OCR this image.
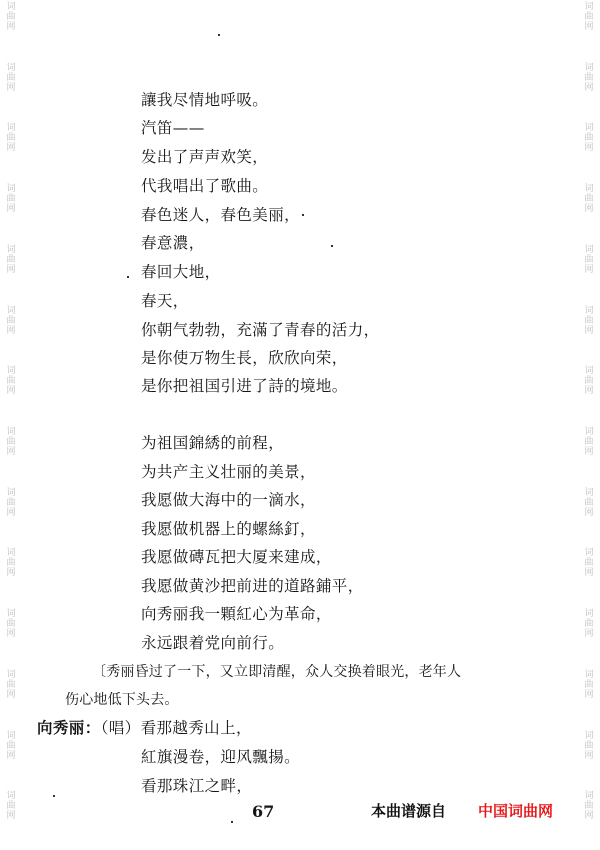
词
曲
网
词
曲
网
词
曲
网
词
曲
网
词
曲
网
词
曲
网
词
曲
网
词
曲
网
词
曲
网
词
曲
网
词
曲
网
词
曲
网
词
曲
网
词
曲
网
词
曲
网
词
曲
网
词
曲
网
词
曲
网
词
曲
网
词
曲
网
词
曲
网
词
曲
网
词
曲
网
词
曲
网
词
曲
网
词
曲
网
词
曲
网
词
曲
网
讓我尽情地呼吸。
汽笛——
发出了声声欢笑，
代我唱出了歌曲。
春色迷人，春色美丽，
春意濃，
春回大地，
春天，
你朝气勃勃，充滿了青春的活力，
是你使万物生長，欣欣向荣，
是你把祖国引进了詩的境地。
为祖国錦綉的前程，
为共产主义壮丽的美景，
我愿做大海中的一滴水，
我愿做机器上的螺絲釘，
我愿做磚瓦把大厦来建成，
我愿做黄沙把前进的道路鋪平，
向秀丽我一顆紅心为革命，
永远跟着党向前行。
〔秀丽昏过了一下，又立即清醒，众人交换着眼光，老年人
伤心地低下头去。
向秀丽：（唱）看那越秀山上，
紅旗漫卷，迎风飄揚。
看那珠江之畔，
67	本曲谱源自 中国词曲网
